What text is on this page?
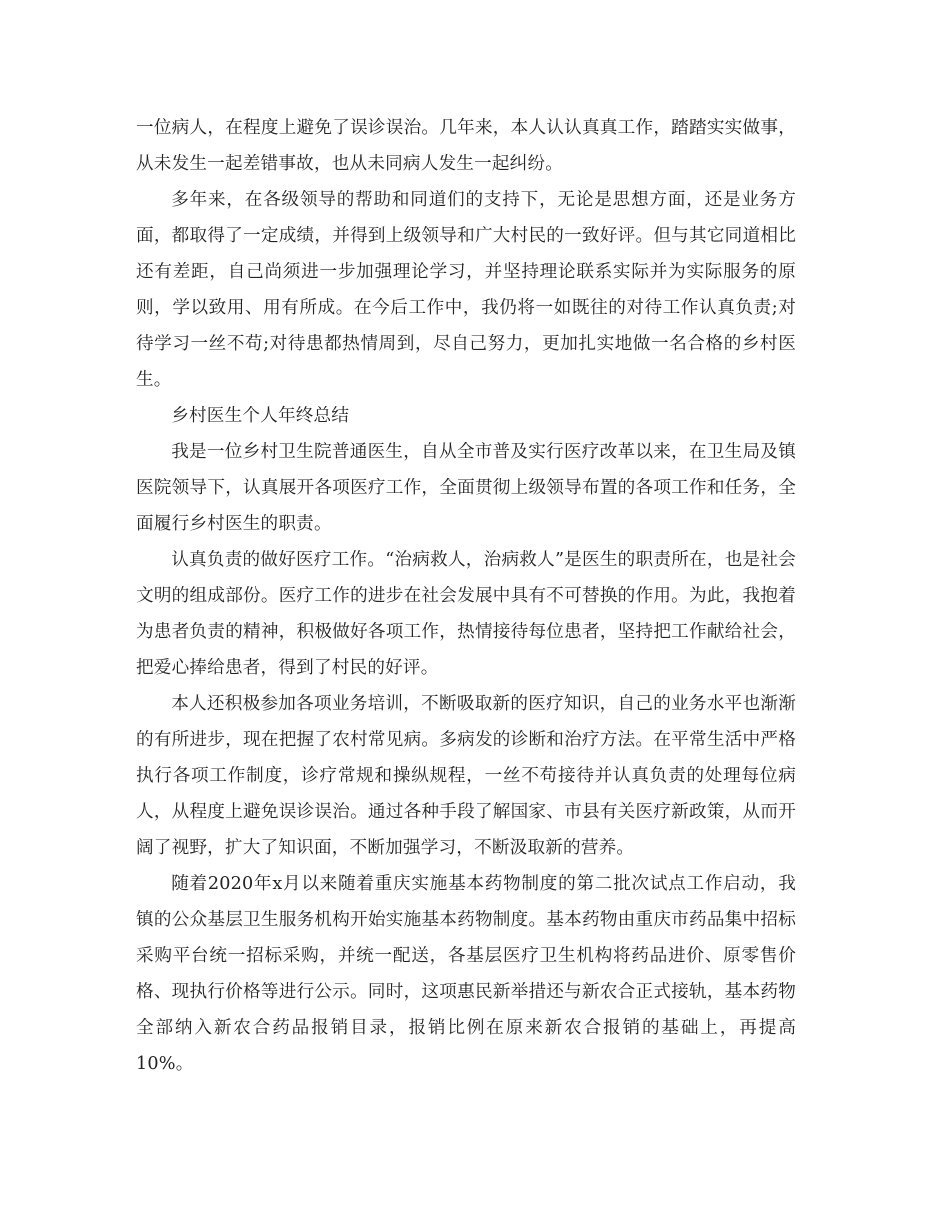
一位病人，在程度上避免了误诊误治。几年来，本人认认真真工作，踏踏实实做事，从未发生一起差错事故，也从未同病人发生一起纠纷。

多年来，在各级领导的帮助和同道们的支持下，无论是思想方面，还是业务方面，都取得了一定成绩，并得到上级领导和广大村民的一致好评。但与其它同道相比还有差距，自己尚须进一步加强理论学习，并坚持理论联系实际并为实际服务的原则，学以致用、用有所成。在今后工作中，我仍将一如既往的对待工作认真负责;对待学习一丝不苟;对待患都热情周到，尽自己努力，更加扎实地做一名合格的乡村医生。

乡村医生个人年终总结

我是一位乡村卫生院普通医生，自从全市普及实行医疗改革以来，在卫生局及镇医院领导下，认真展开各项医疗工作，全面贯彻上级领导布置的各项工作和任务，全面履行乡村医生的职责。

认真负责的做好医疗工作。“治病救人，治病救人”是医生的职责所在，也是社会文明的组成部份。医疗工作的进步在社会发展中具有不可替换的作用。为此，我抱着为患者负责的精神，积极做好各项工作，热情接待每位患者，坚持把工作献给社会，把爱心捧给患者，得到了村民的好评。

本人还积极参加各项业务培训，不断吸取新的医疗知识，自己的业务水平也渐渐的有所进步，现在把握了农村常见病。多病发的诊断和治疗方法。在平常生活中严格执行各项工作制度，诊疗常规和操纵规程，一丝不苟接待并认真负责的处理每位病人，从程度上避免误诊误治。通过各种手段了解国家、市县有关医疗新政策，从而开阔了视野，扩大了知识面，不断加强学习，不断汲取新的营养。

随着2020年x月以来随着重庆实施基本药物制度的第二批次试点工作启动，我镇的公众基层卫生服务机构开始实施基本药物制度。基本药物由重庆市药品集中招标采购平台统一招标采购，并统一配送，各基层医疗卫生机构将药品进价、原零售价格、现执行价格等进行公示。同时，这项惠民新举措还与新农合正式接轨，基本药物全部纳入新农合药品报销目录，报销比例在原来新农合报销的基础上，再提高10%。
